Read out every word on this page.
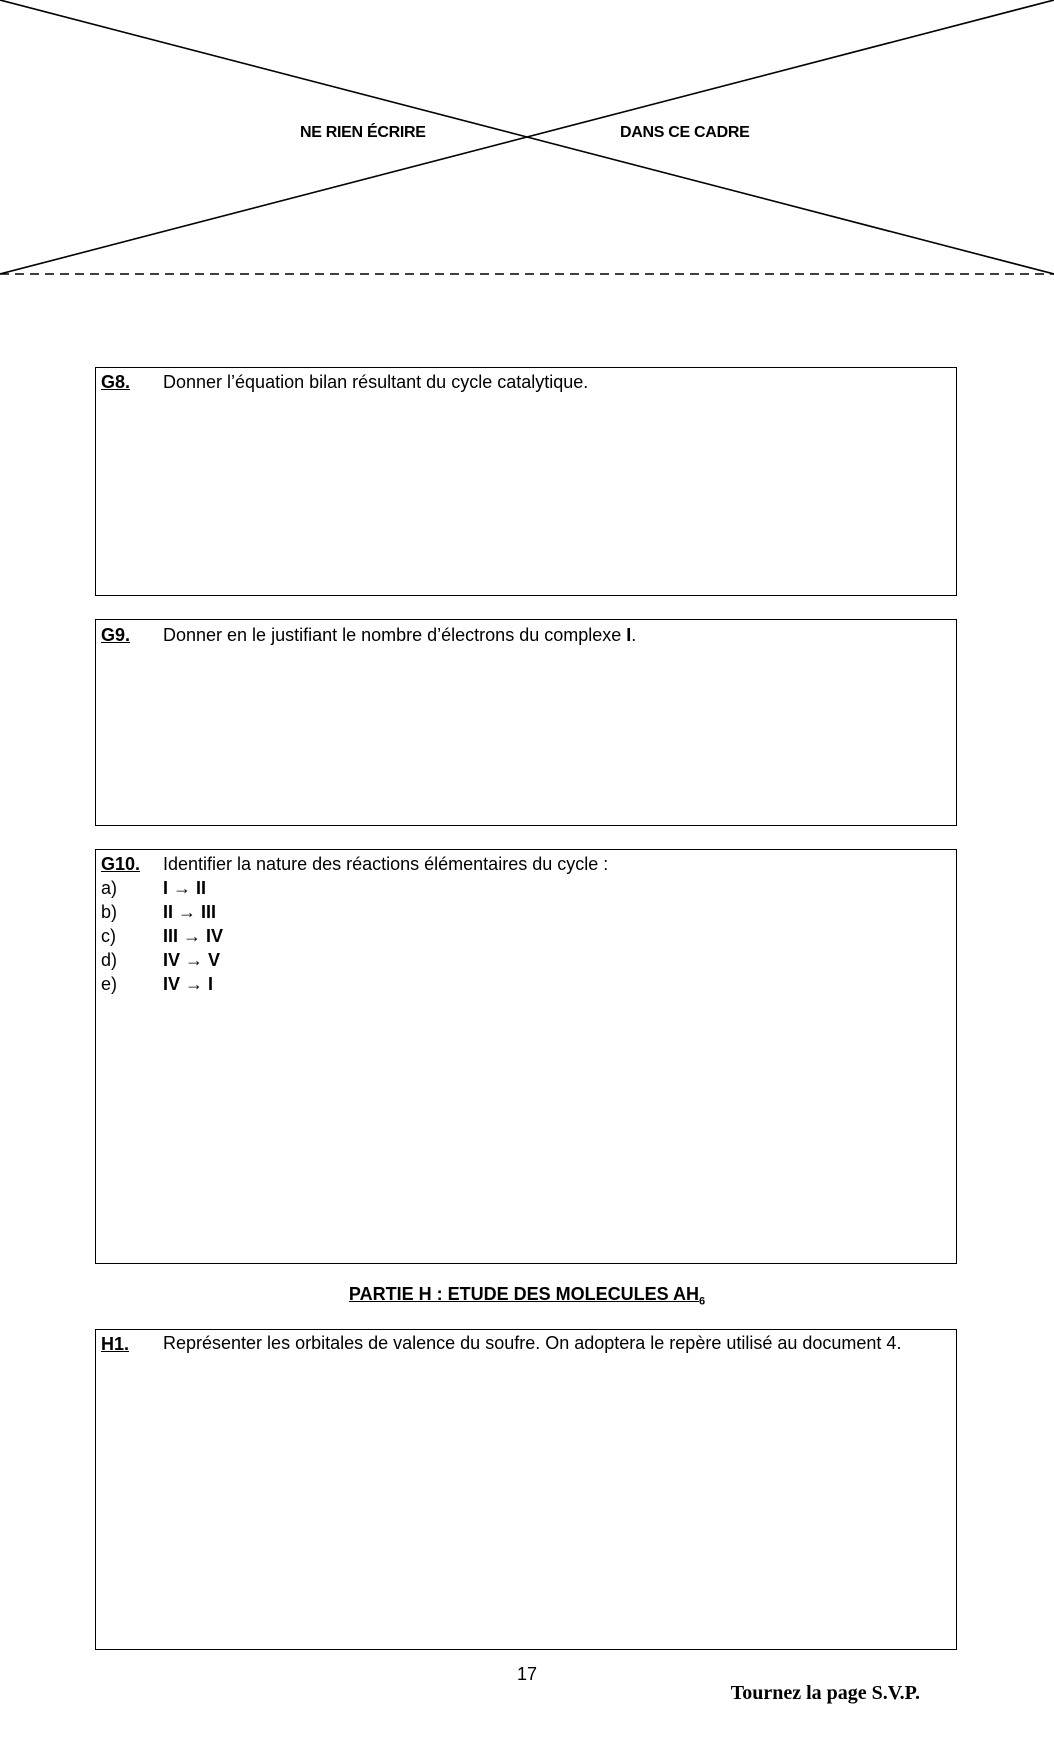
NE RIEN ÉCRIRE	DANS CE CADRE
G8. Donner l’équation bilan résultant du cycle catalytique.
G9. Donner en le justifiant le nombre d’électrons du complexe I.
G10. Identifier la nature des réactions élémentaires du cycle :
a)	I → II
b)	II → III
c)	III → IV
d)	IV → V
e)	IV → I
PARTIE H : ETUDE DES MOLECULES $AH_6$
H1. Représenter les orbitales de valence du soufre. On adoptera le repère utilisé au document 4.
17
Tournez la page S.V.P.
